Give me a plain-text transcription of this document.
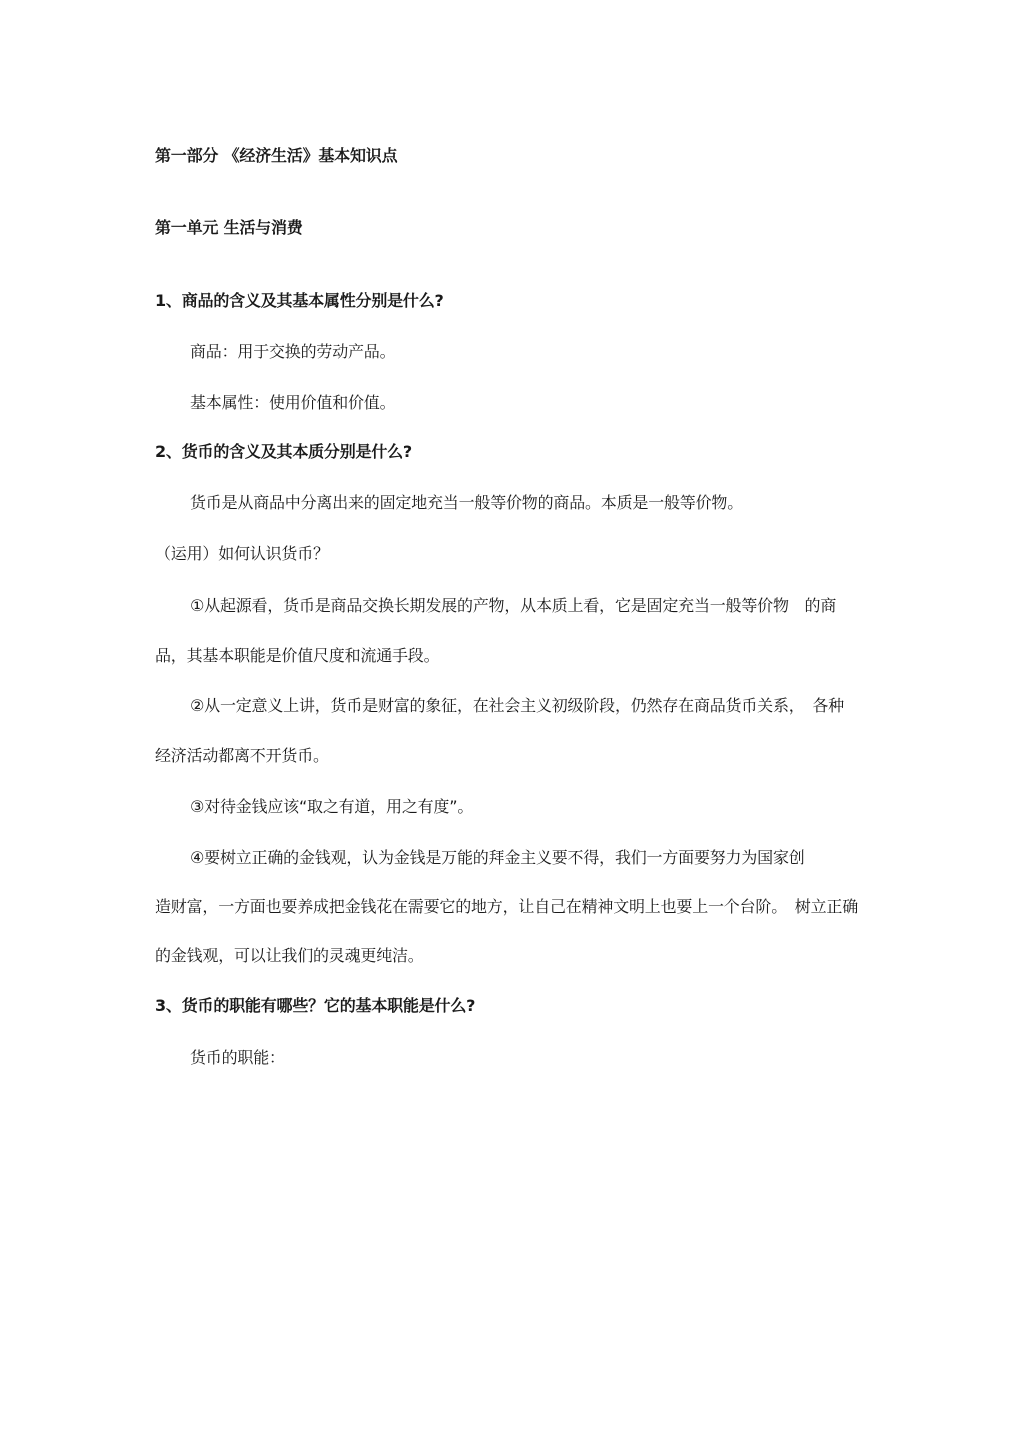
第一部分 《经济生活》基本知识点
第一单元 生活与消费
1、商品的含义及其基本属性分别是什么?
商品：用于交换的劳动产品。
基本属性：使用价值和价值。
2、货币的含义及其本质分别是什么?
货币是从商品中分离出来的固定地充当一般等价物的商品。本质是一般等价物。
（运用）如何认识货币？
①从起源看，货币是商品交换长期发展的产物，从本质上看，它是固定充当一般等价物　的商
品，其基本职能是价值尺度和流通手段。
②从一定意义上讲，货币是财富的象征，在社会主义初级阶段，仍然存在商品货币关系，　各种
经济活动都离不开货币。
③对待金钱应该“取之有道，用之有度”。
④要树立正确的金钱观，认为金钱是万能的拜金主义要不得，我们一方面要努力为国家创
造财富，一方面也要养成把金钱花在需要它的地方，让自己在精神文明上也要上一个台阶。　树立正确
的金钱观，可以让我们的灵魂更纯洁。
3、货币的职能有哪些？它的基本职能是什么?
货币的职能：
